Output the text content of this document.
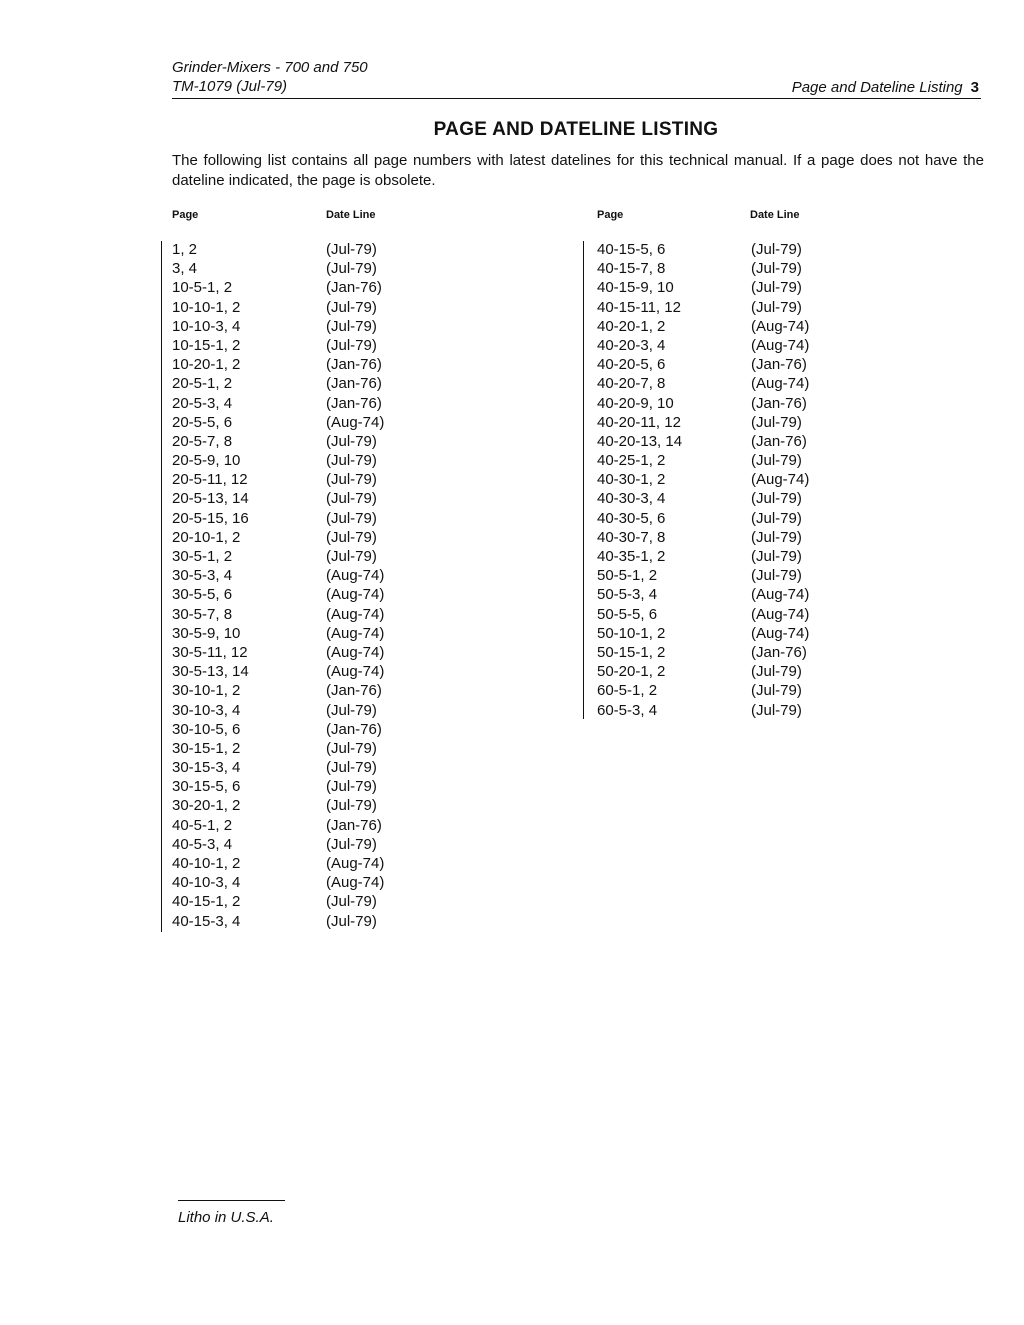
Grinder-Mixers - 700 and 750
TM-1079 (Jul-79)	Page and Dateline Listing 3
PAGE AND DATELINE LISTING
The following list contains all page numbers with latest datelines for this technical manual. If a page does not have the dateline indicated, the page is obsolete.
Page	Date Line	Page	Date Line
1, 2	(Jul-79)
3, 4	(Jul-79)
10-5-1, 2	(Jan-76)
10-10-1, 2	(Jul-79)
10-10-3, 4	(Jul-79)
10-15-1, 2	(Jul-79)
10-20-1, 2	(Jan-76)
20-5-1, 2	(Jan-76)
20-5-3, 4	(Jan-76)
20-5-5, 6	(Aug-74)
20-5-7, 8	(Jul-79)
20-5-9, 10	(Jul-79)
20-5-11, 12	(Jul-79)
20-5-13, 14	(Jul-79)
20-5-15, 16	(Jul-79)
20-10-1, 2	(Jul-79)
30-5-1, 2	(Jul-79)
30-5-3, 4	(Aug-74)
30-5-5, 6	(Aug-74)
30-5-7, 8	(Aug-74)
30-5-9, 10	(Aug-74)
30-5-11, 12	(Aug-74)
30-5-13, 14	(Aug-74)
30-10-1, 2	(Jan-76)
30-10-3, 4	(Jul-79)
30-10-5, 6	(Jan-76)
30-15-1, 2	(Jul-79)
30-15-3, 4	(Jul-79)
30-15-5, 6	(Jul-79)
30-20-1, 2	(Jul-79)
40-5-1, 2	(Jan-76)
40-5-3, 4	(Jul-79)
40-10-1, 2	(Aug-74)
40-10-3, 4	(Aug-74)
40-15-1, 2	(Jul-79)
40-15-3, 4	(Jul-79)
40-15-5, 6	(Jul-79)
40-15-7, 8	(Jul-79)
40-15-9, 10	(Jul-79)
40-15-11, 12	(Jul-79)
40-20-1, 2	(Aug-74)
40-20-3, 4	(Aug-74)
40-20-5, 6	(Jan-76)
40-20-7, 8	(Aug-74)
40-20-9, 10	(Jan-76)
40-20-11, 12	(Jul-79)
40-20-13, 14	(Jan-76)
40-25-1, 2	(Jul-79)
40-30-1, 2	(Aug-74)
40-30-3, 4	(Jul-79)
40-30-5, 6	(Jul-79)
40-30-7, 8	(Jul-79)
40-35-1, 2	(Jul-79)
50-5-1, 2	(Jul-79)
50-5-3, 4	(Aug-74)
50-5-5, 6	(Aug-74)
50-10-1, 2	(Aug-74)
50-15-1, 2	(Jan-76)
50-20-1, 2	(Jul-79)
60-5-1, 2	(Jul-79)
60-5-3, 4	(Jul-79)
Litho in U.S.A.
